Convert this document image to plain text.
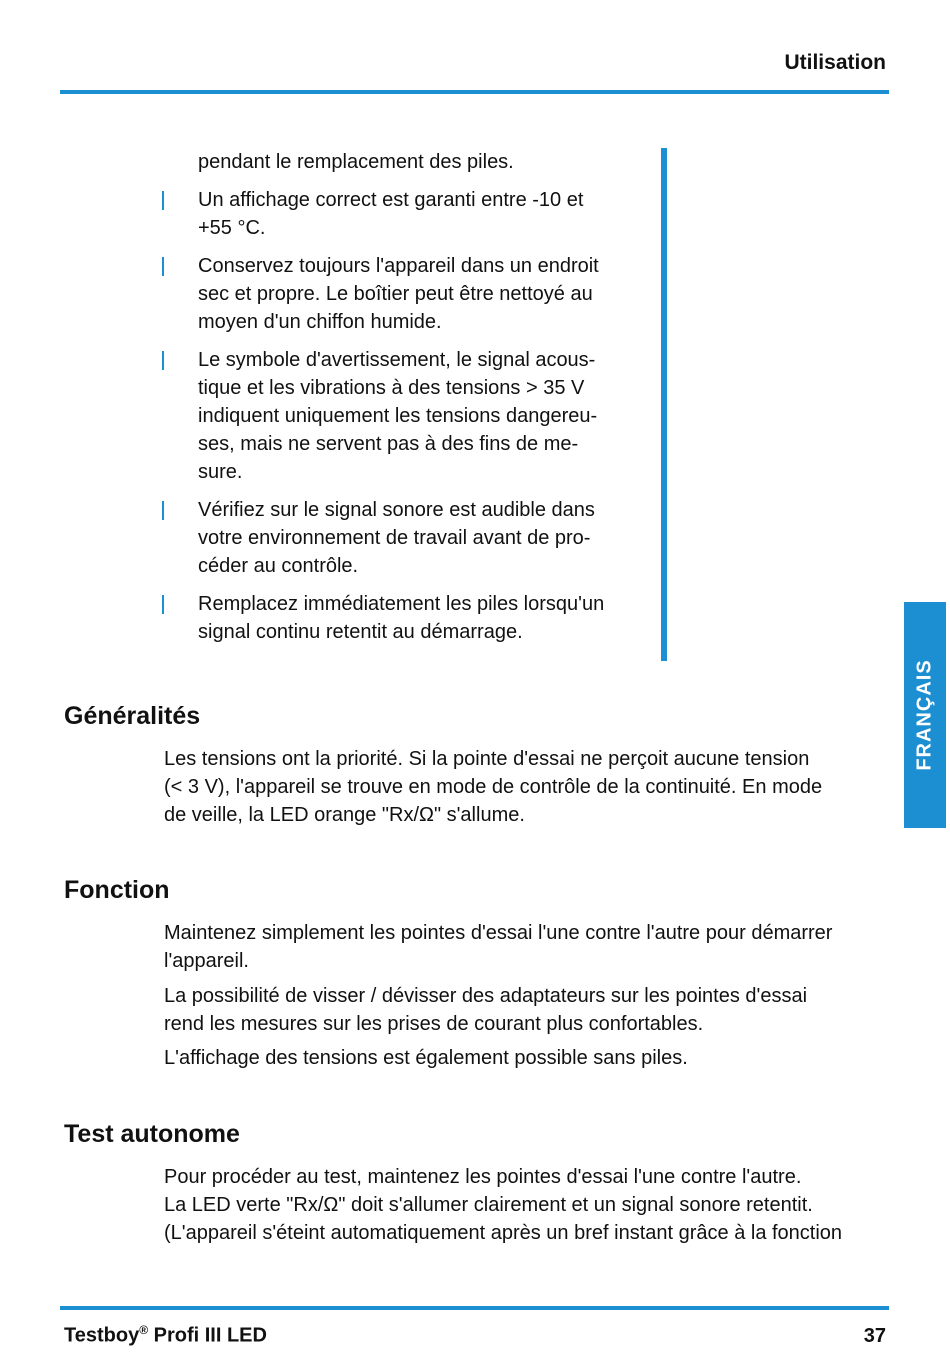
Utilisation

pendant le remplacement des piles.

Un affichage correct est garanti entre -10 et
+55 °C.
Conservez toujours l'appareil dans un endroit
sec et propre. Le boîtier peut être nettoyé au
moyen d'un chiffon humide.
Le symbole d'avertissement, le signal acous-
tique et les vibrations à des tensions > 35 V
indiquent uniquement les tensions dangereu-
ses, mais ne servent pas à des fins de me-
sure.
Vérifiez sur le signal sonore est audible dans
votre environnement de travail avant de pro-
céder au contrôle.
Remplacez immédiatement les piles lorsqu'un
signal continu retentit au démarrage.
FRANÇAIS
Généralités
Les tensions ont la priorité. Si la pointe d'essai ne perçoit aucune tension
(< 3 V), l'appareil se trouve en mode de contrôle de la continuité. En mode
de veille, la LED orange "Rx/Ω" s'allume.
Fonction
Maintenez simplement les pointes d'essai l'une contre l'autre pour démarrer
l'appareil.
La possibilité de visser / dévisser des adaptateurs sur les pointes d'essai
rend les mesures sur les prises de courant plus confortables.
L'affichage des tensions est également possible sans piles.
Test autonome
Pour procéder au test, maintenez les pointes d'essai l'une contre l'autre.
La LED verte "Rx/Ω" doit s'allumer clairement et un signal sonore retentit.
(L'appareil s'éteint automatiquement après un bref instant grâce à la fonction
Testboy® Profi III LED	37
